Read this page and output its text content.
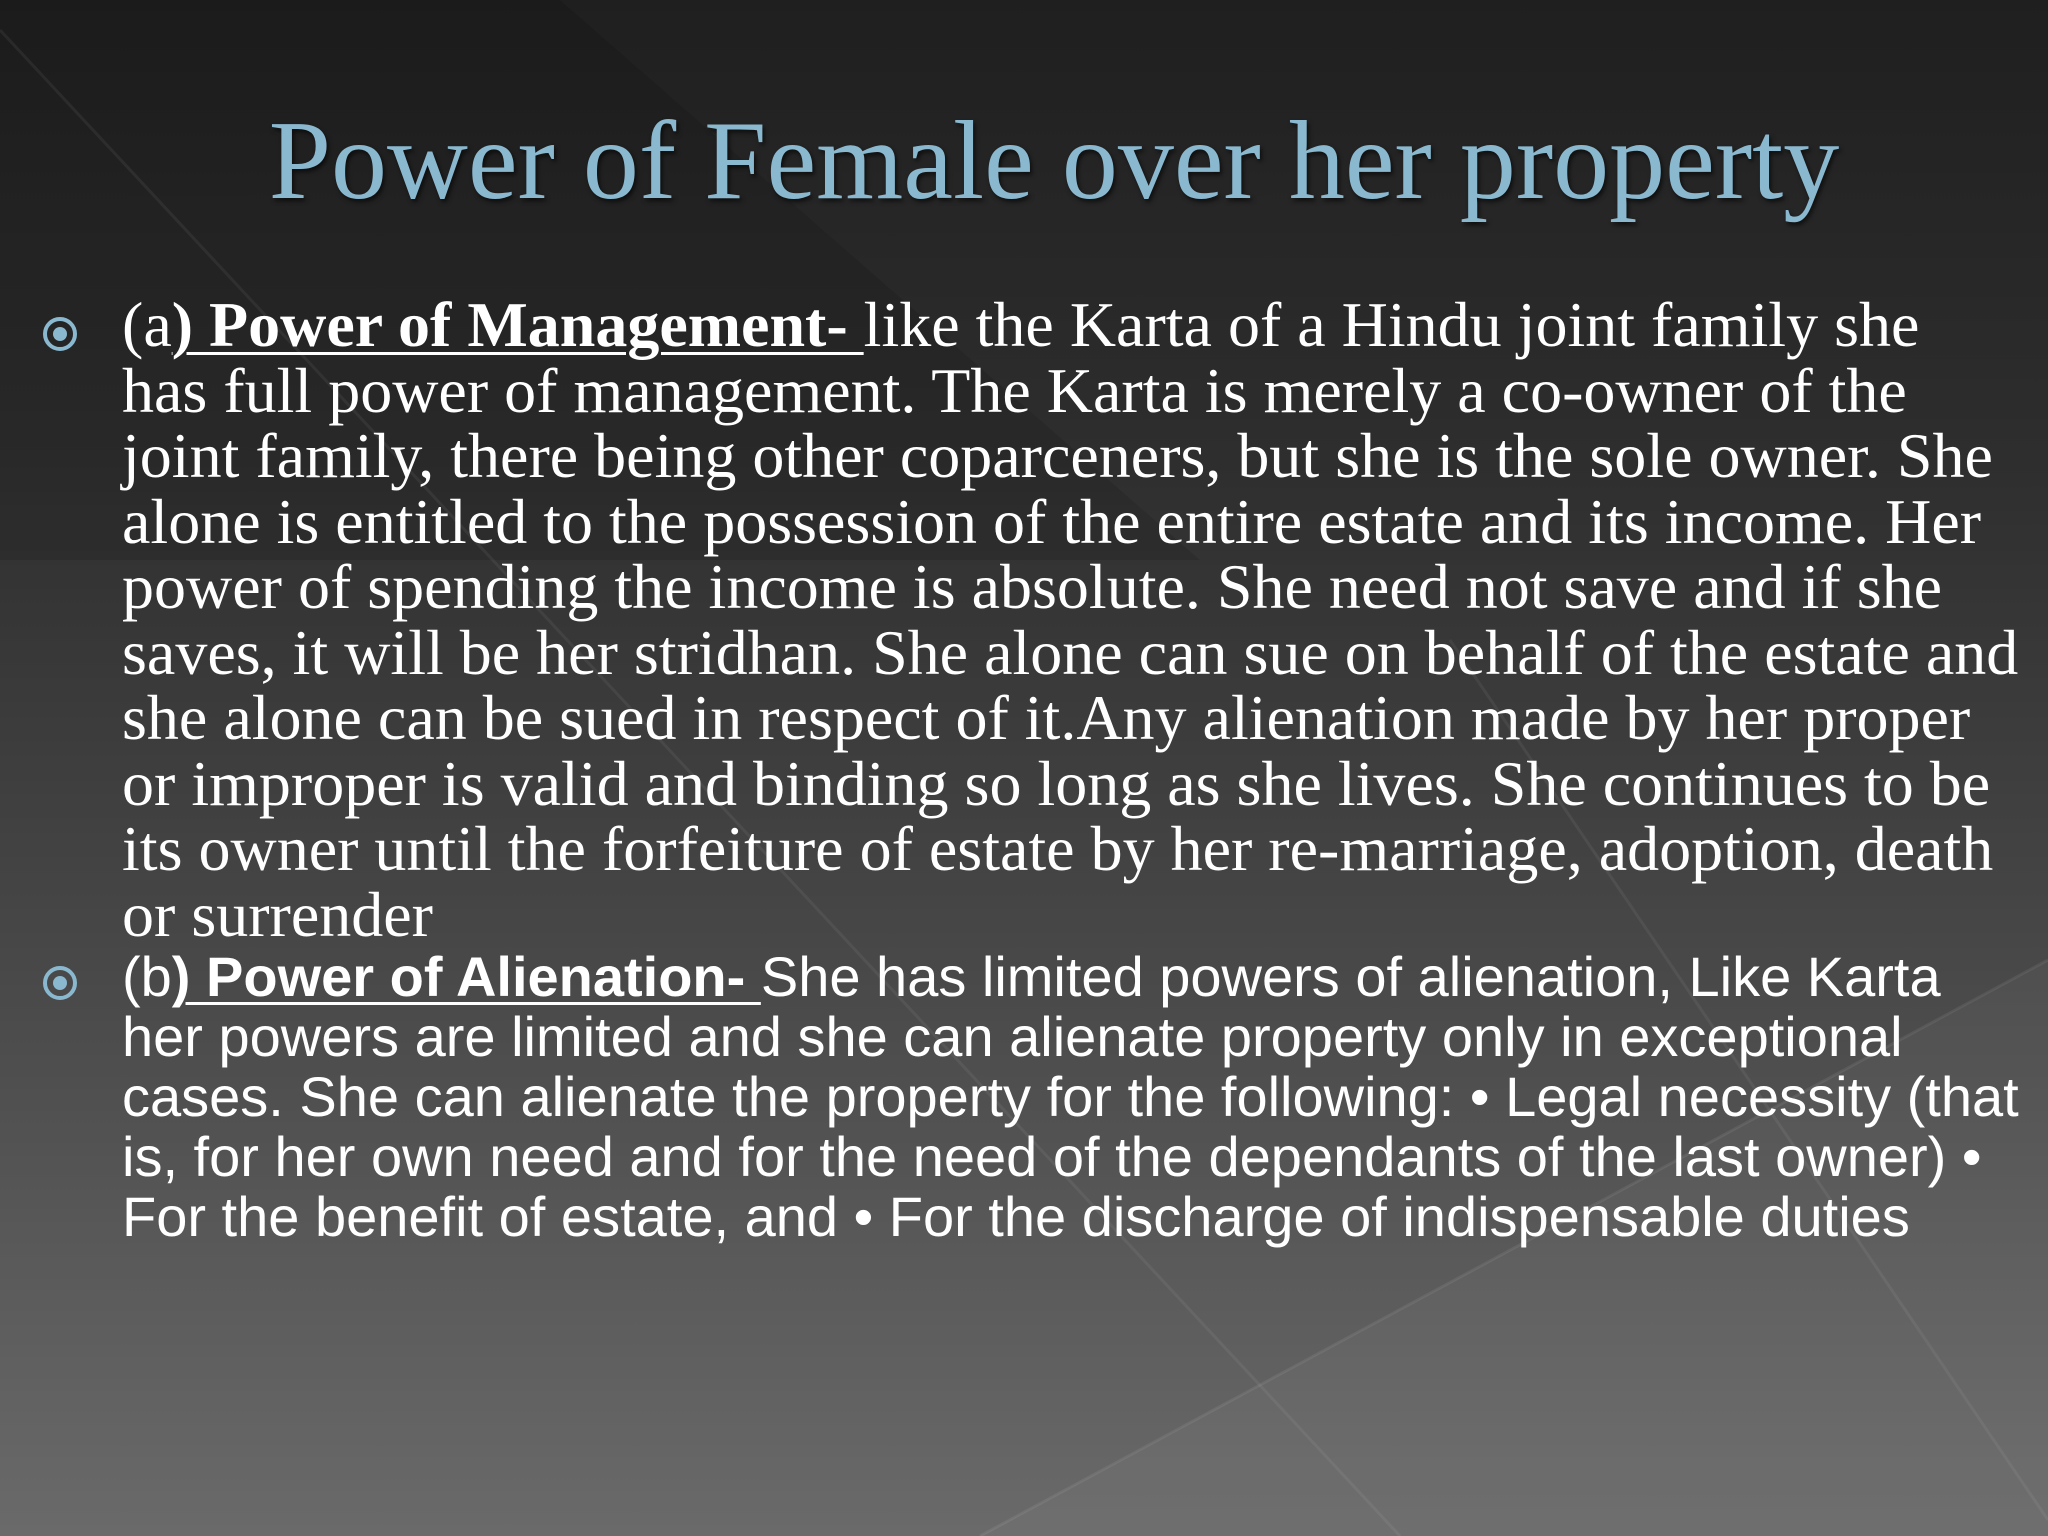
Power of Female over her property
(a) Power of Management- like the Karta of a Hindu joint family she has full power of management. The Karta is merely a co-owner of the joint family, there being other coparceners, but she is the sole owner. She alone is entitled to the possession of the entire estate and its income. Her power of spending the income is absolute. She need not save and if she saves, it will be her stridhan. She alone can sue on behalf of the estate and she alone can be sued in respect of it.Any alienation made by her proper or improper is valid and binding so long as she lives. She continues to be its owner until the forfeiture of estate by her re-marriage, adoption, death or surrender
(b) Power of Alienation- She has limited powers of alienation, Like Karta her powers are limited and she can alienate property only in exceptional cases. She can alienate the property for the following: • Legal necessity (that is, for her own need and for the need of the dependants of the last owner) • For the benefit of estate, and • For the discharge of indispensable duties
